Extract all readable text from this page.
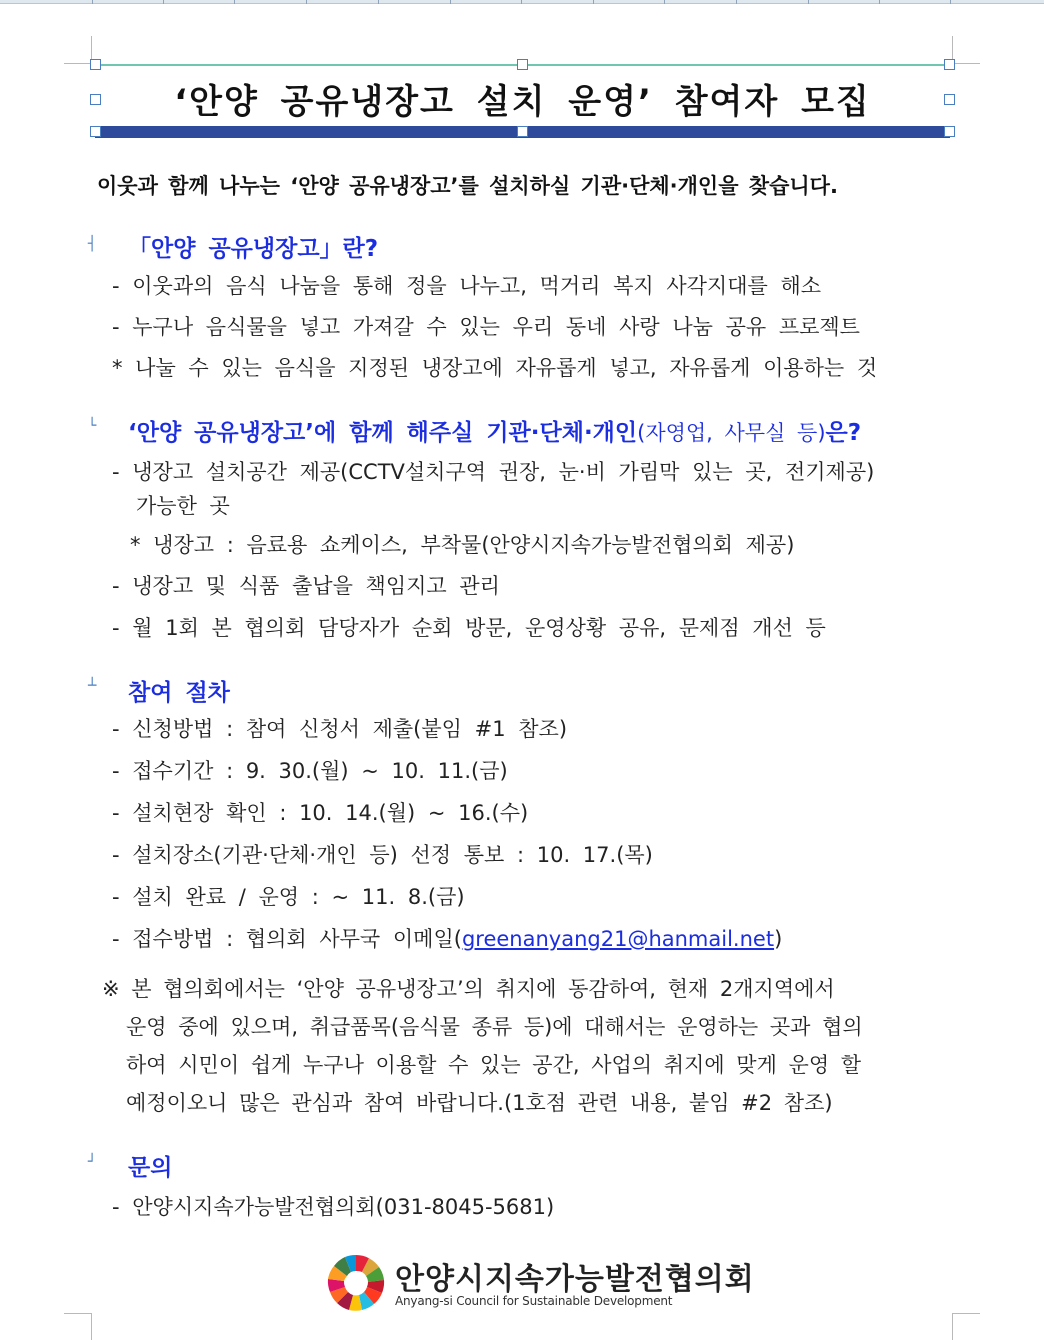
‘안양 공유냉장고 설치 운영’ 참여자 모집
이웃과 함께 나누는 ‘안양 공유냉장고’를 설치하실 기관·단체·개인을 찾습니다.
┤ 「안양 공유냉장고」란?
- 이웃과의 음식 나눔을 통해 정을 나누고, 먹거리 복지 사각지대를 해소
- 누구나 음식물을 넣고 가져갈 수 있는 우리 동네 사랑 나눔 공유 프로젝트
* 나눌 수 있는 음식을 지정된 냉장고에 자유롭게 넣고, 자유롭게 이용하는 것
└ ‘안양 공유냉장고’에 함께 해주실 기관·단체·개인(자영업, 사무실 등)은?
- 냉장고 설치공간 제공(CCTV설치구역 권장, 눈·비 가림막 있는 곳, 전기제공)
가능한 곳
* 냉장고 : 음료용 쇼케이스, 부착물(안양시지속가능발전협의회 제공)
- 냉장고 및 식품 출납을 책임지고 관리
- 월 1회 본 협의회 담당자가 순회 방문, 운영상황 공유, 문제점 개선 등
┴ 참여 절차
- 신청방법 : 참여 신청서 제출(붙임 #1 참조)
- 접수기간 : 9. 30.(월) ~ 10. 11.(금)
- 설치현장 확인 : 10. 14.(월) ~ 16.(수)
- 설치장소(기관·단체·개인 등) 선정 통보 : 10. 17.(목)
- 설치 완료 / 운영 : ~ 11. 8.(금)
- 접수방법 : 협의회 사무국 이메일(greenanyang21@hanmail.net)
※ 본 협의회에서는 ‘안양 공유냉장고’의 취지에 동감하여, 현재 2개지역에서
운영 중에 있으며, 취급품목(음식물 종류 등)에 대해서는 운영하는 곳과 협의
하여 시민이 쉽게 누구나 이용할 수 있는 공간, 사업의 취지에 맞게 운영 할
예정이오니 많은 관심과 참여 바랍니다.(1호점 관련 내용, 붙임 #2 참조)
┘ 문의
- 안양시지속가능발전협의회(031-8045-5681)
안양시지속가능발전협의회
Anyang-si Council for Sustainable Development
